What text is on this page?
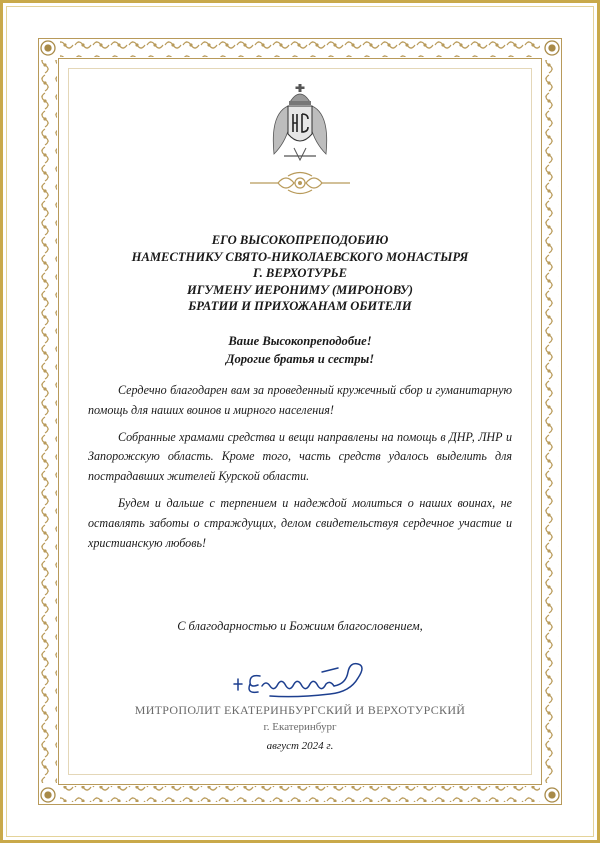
ЕГО ВЫСОКОПРЕПОДОБИЮ
НАМЕСТНИКУ СВЯТО-НИКОЛАЕВСКОГО МОНАСТЫРЯ
Г. ВЕРХОТУРЬЕ
ИГУМЕНУ ИЕРОНИМУ (МИРОНОВУ)
БРАТИИ И ПРИХОЖАНАМ ОБИТЕЛИ
Ваше Высокопреподобие!
Дорогие братья и сестры!

Сердечно благодарен вам за проведенный кружечный сбор и гуманитарную помощь для наших воинов и мирного населения!

Собранные храмами средства и вещи направлены на помощь в ДНР, ЛНР и Запорожскую область. Кроме того, часть средств удалось выделить для пострадавших жителей Курской области.

Будем и дальше с терпением и надеждой молиться о наших воинах, не оставлять заботы о страждущих, делом свидетельствуя сердечное участие и христианскую любовь!

С благодарностью и Божиим благословением,
МИТРОПОЛИТ ЕКАТЕРИНБУРГСКИЙ И ВЕРХОТУРСКИЙ
г. Екатеринбург
август 2024 г.
